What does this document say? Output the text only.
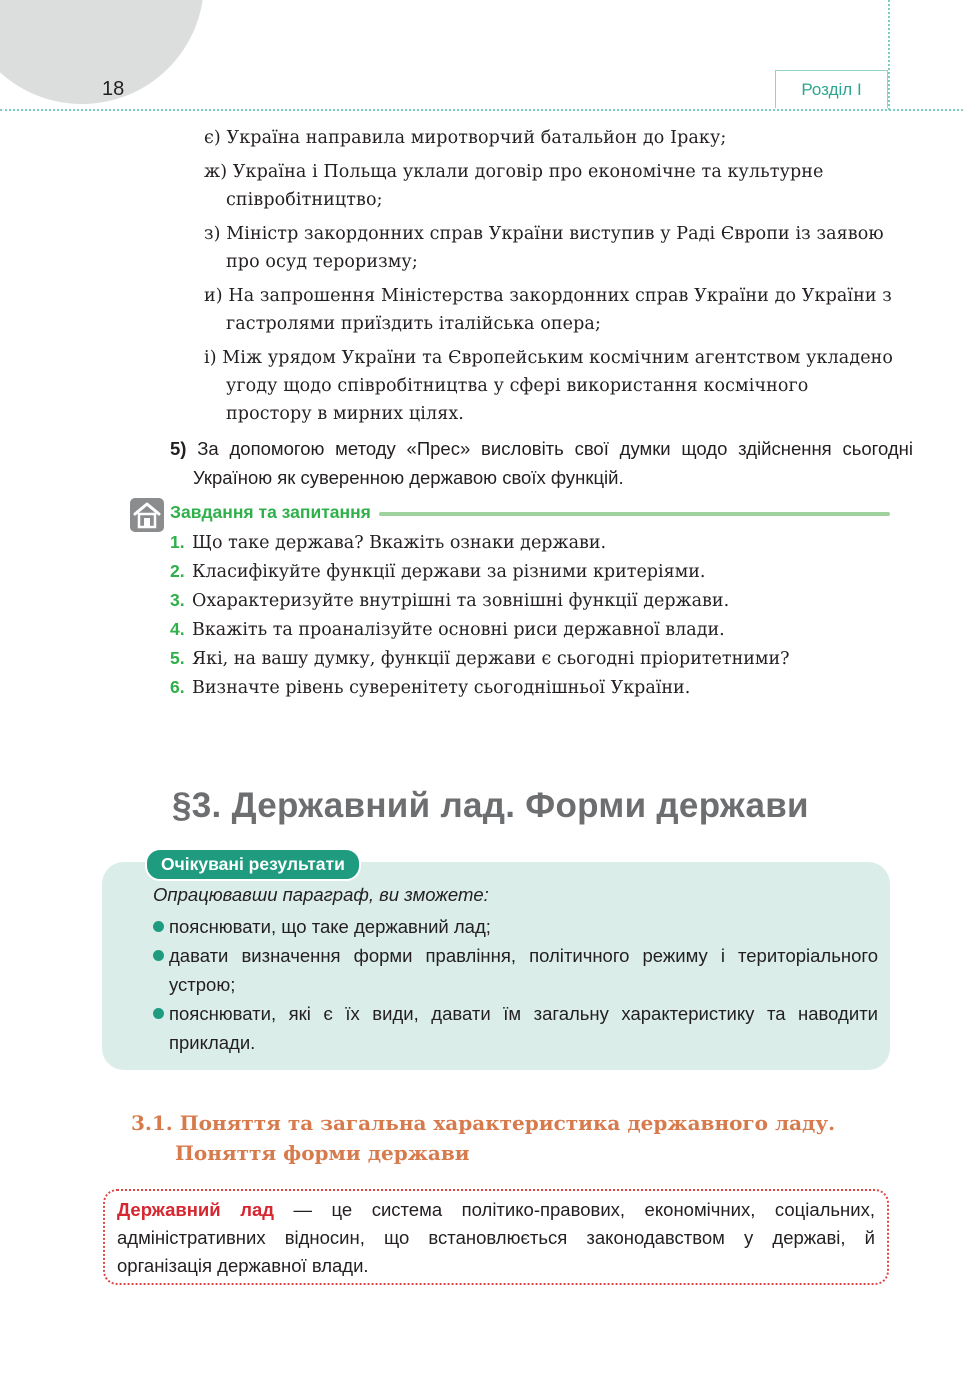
18	Розділ І
є) Україна направила миротворчий батальйон до Іраку;
ж) Україна і Польща уклали договір про економічне та культурне співробітництво;
з) Міністр закордонних справ України виступив у Раді Європи із заявою про осуд тероризму;
и) На запрошення Міністерства закордонних справ України до України з гастролями приїздить італійська опера;
і) Між урядом України та Європейським космічним агентством укладено угоду щодо співробітництва у сфері використання космічного простору в мирних цілях.
5) За допомогою методу «Прес» висловіть свої думки щодо здійснення сьогодні Україною як суверенною державою своїх функцій.
Завдання та запитання
1. Що таке держава? Вкажіть ознаки держави.
2. Класифікуйте функції держави за різними критеріями.
3. Охарактеризуйте внутрішні та зовнішні функції держави.
4. Вкажіть та проаналізуйте основні риси державної влади.
5. Які, на вашу думку, функції держави є сьогодні пріоритетними?
6. Визначте рівень суверенітету сьогоднішньої України.
§3. Державний лад. Форми держави
Очікувані результати
Опрацювавши параграф, ви зможете:
пояснювати, що таке державний лад;
давати визначення форми правління, політичного режиму і територіального устрою;
пояснювати, які є їх види, давати їм загальну характеристику та наводити приклади.
3.1. Поняття та загальна характеристика державного ладу.
Поняття форми держави
Державний лад — це система політико-правових, економічних, соціальних, адміністративних відносин, що встановлюється законодавством у державі, й організація державної влади.
